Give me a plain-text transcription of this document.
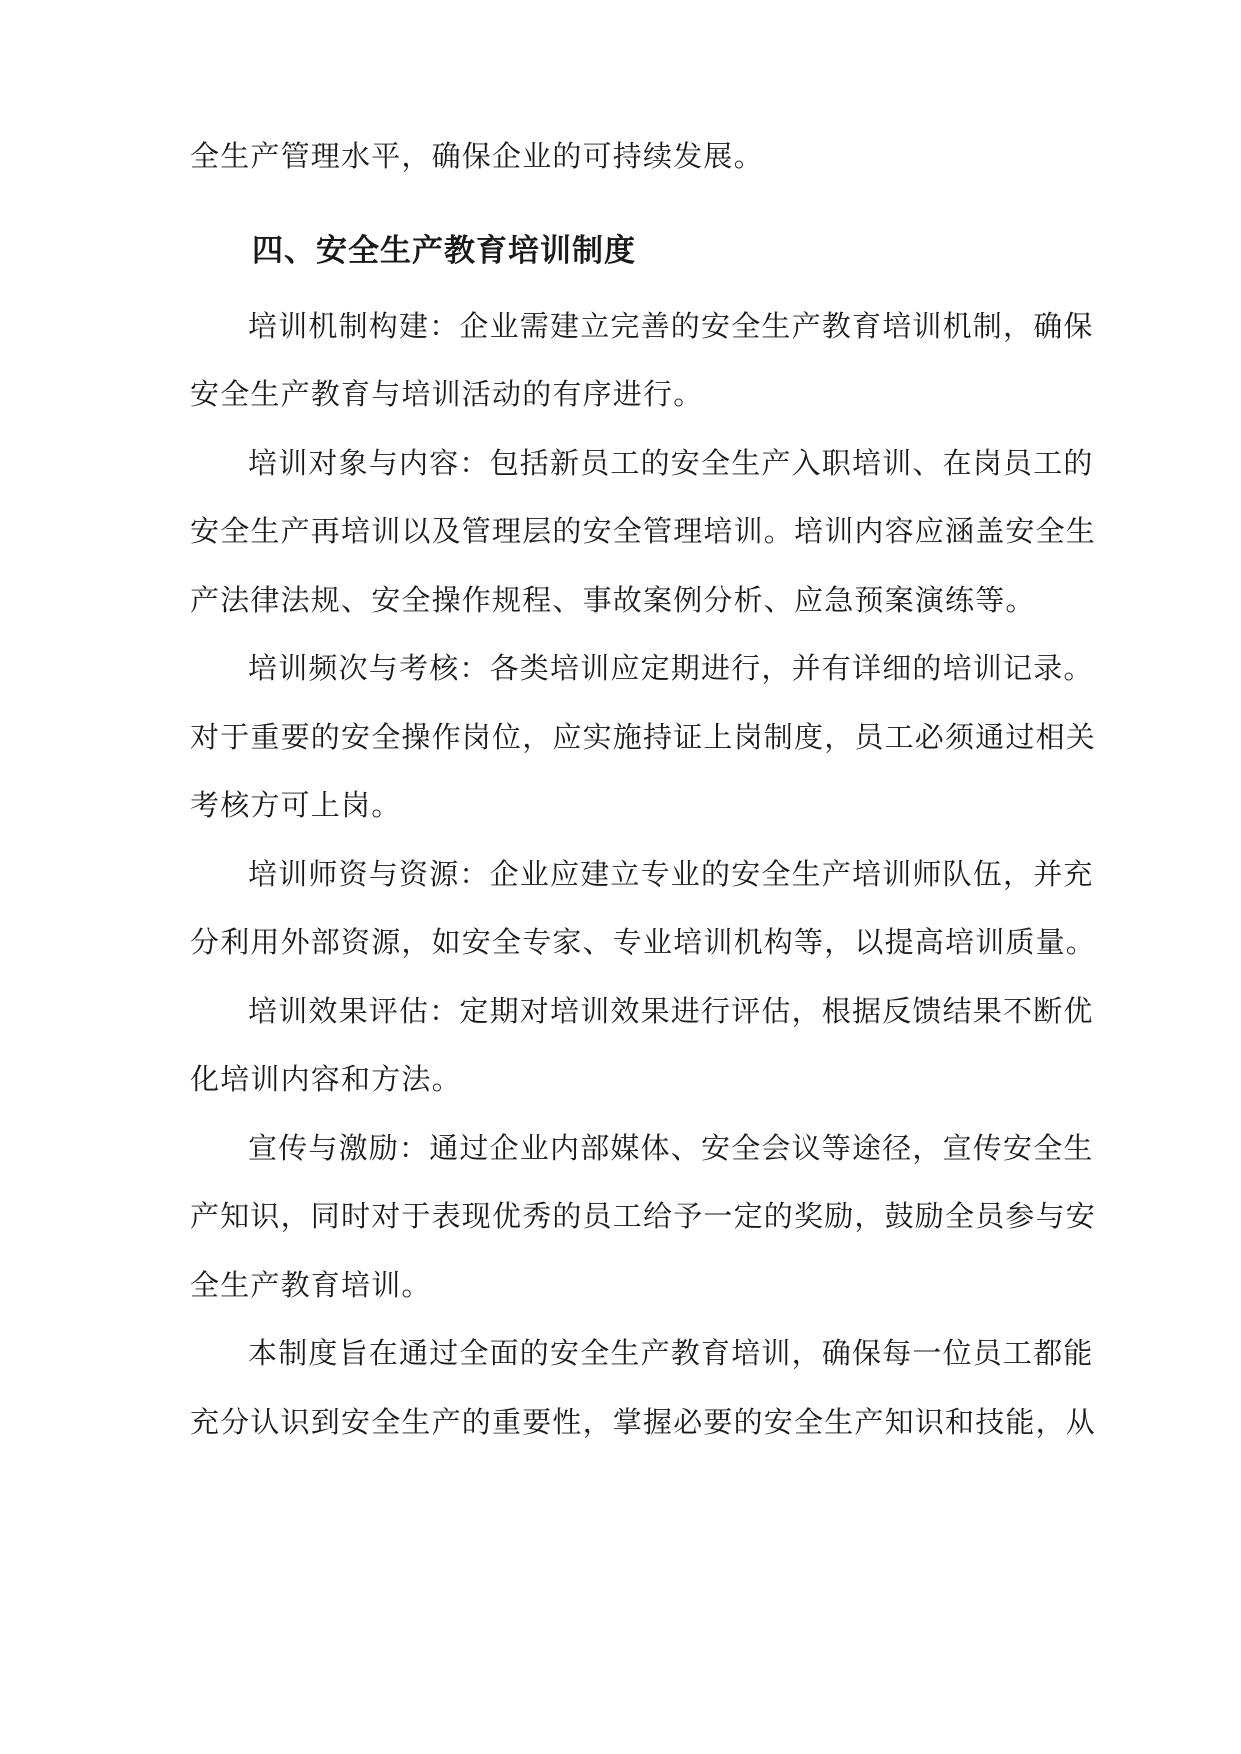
全生产管理水平，确保企业的可持续发展。
四、安全生产教育培训制度
培训机制构建：企业需建立完善的安全生产教育培训机制，确保
安全生产教育与培训活动的有序进行。
培训对象与内容：包括新员工的安全生产入职培训、在岗员工的
安全生产再培训以及管理层的安全管理培训。培训内容应涵盖安全生
产法律法规、安全操作规程、事故案例分析、应急预案演练等。
培训频次与考核：各类培训应定期进行，并有详细的培训记录。
对于重要的安全操作岗位，应实施持证上岗制度，员工必须通过相关
考核方可上岗。
培训师资与资源：企业应建立专业的安全生产培训师队伍，并充
分利用外部资源，如安全专家、专业培训机构等，以提高培训质量。
培训效果评估：定期对培训效果进行评估，根据反馈结果不断优
化培训内容和方法。
宣传与激励：通过企业内部媒体、安全会议等途径，宣传安全生
产知识，同时对于表现优秀的员工给予一定的奖励，鼓励全员参与安
全生产教育培训。
本制度旨在通过全面的安全生产教育培训，确保每一位员工都能
充分认识到安全生产的重要性，掌握必要的安全生产知识和技能，从
